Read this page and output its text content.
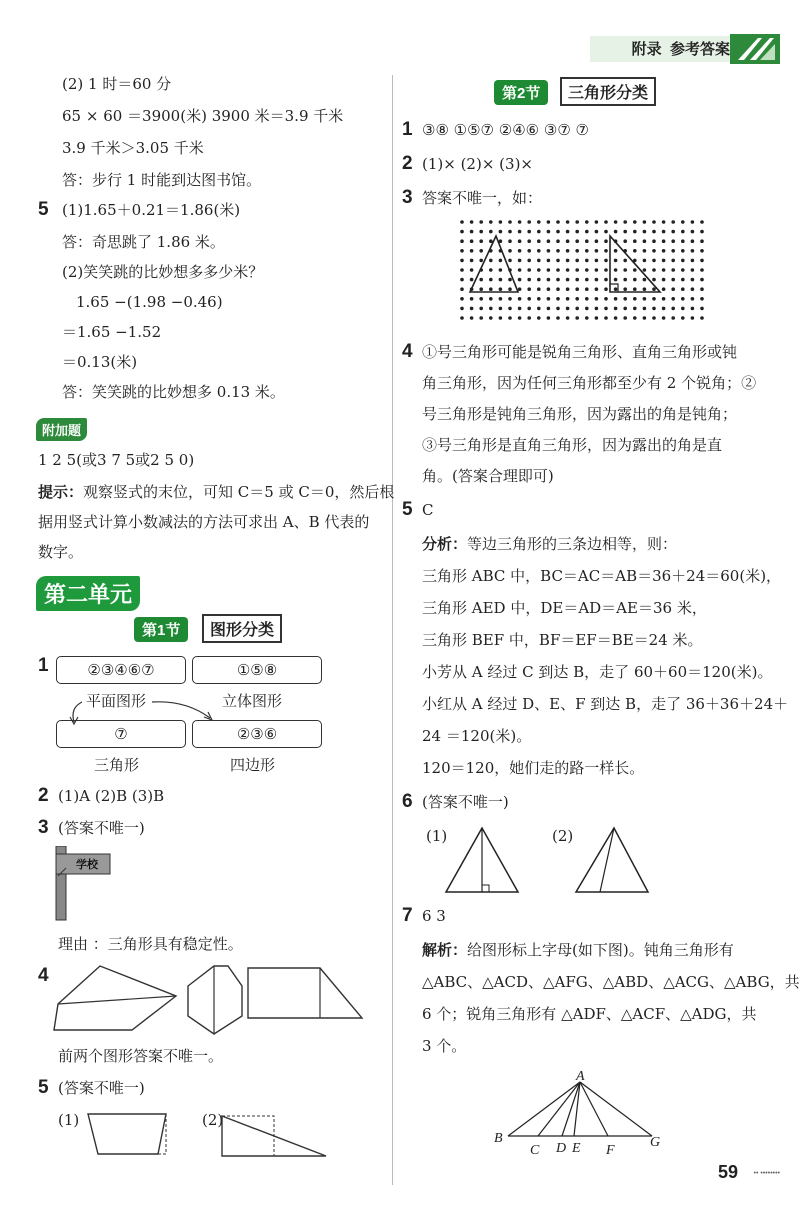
附录 参考答案
(2) 1 时＝60 分
65 × 60 ＝3900(米) 3900 米＝3.9 千米
3.9 千米＞3.05 千米
答：步行 1 时能到达图书馆。
5 (1)1.65＋0.21＝1.86(米)
答：奇思跳了 1.86 米。
(2)笑笑跳的比妙想多多少米？
1.65 −(1.98 −0.46)
＝1.65 −1.52
＝0.13(米)
答：笑笑跳的比妙想多 0.13 米。
附加题
1 2 5(或3 7 5或2 5 0)
提示：观察竖式的末位，可知 C＝5 或 C＝0，然后根
据用竖式计算小数减法的方法可求出 A、B 代表的
数字。
第二单元
第1节	图形分类
1	②③④⑥⑦	①⑤⑧
平面图形	立体图形
⑦	②③⑥
三角形	四边形
2 (1)A (2)B (3)B
3 (答案不唯一)
学校
理由 ：三角形具有稳定性。
4
前两个图形答案不唯一。
5 (答案不唯一)
(1)	(2)
第2节	三角形分类
1 ③⑧ ①⑤⑦ ②④⑥ ③⑦ ⑦
2 (1)× (2)× (3)×
3 答案不唯一，如：
4 ①号三角形可能是锐角三角形、直角三角形或钝
角三角形，因为任何三角形都至少有 2 个锐角；②
号三角形是钝角三角形，因为露出的角是钝角；
③号三角形是直角三角形，因为露出的角是直
角。(答案合理即可)
5 C
分析：等边三角形的三条边相等，则：
三角形 ABC 中，BC＝AC＝AB＝36＋24＝60(米)，
三角形 AED 中，DE＝AD＝AE＝36 米，
三角形 BEF 中，BF＝EF＝BE＝24 米。
小芳从 A 经过 C 到达 B，走了 60＋60＝120(米)。
小红从 A 经过 D、E、F 到达 B，走了 36＋36＋24＋
24 ＝120(米)。
120＝120，她们走的路一样长。
6 (答案不唯一)
(1)	(2)
7 6 3
解析：给图形标上字母(如下图)。钝角三角形有
△ABC、△ACD、△AFG、△ABD、△ACG、△ABG，共
6 个；锐角三角形有 △ADF、△ACF、△ADG，共
3 个。
A
B
C D E F
G
59 •• ••••••••
